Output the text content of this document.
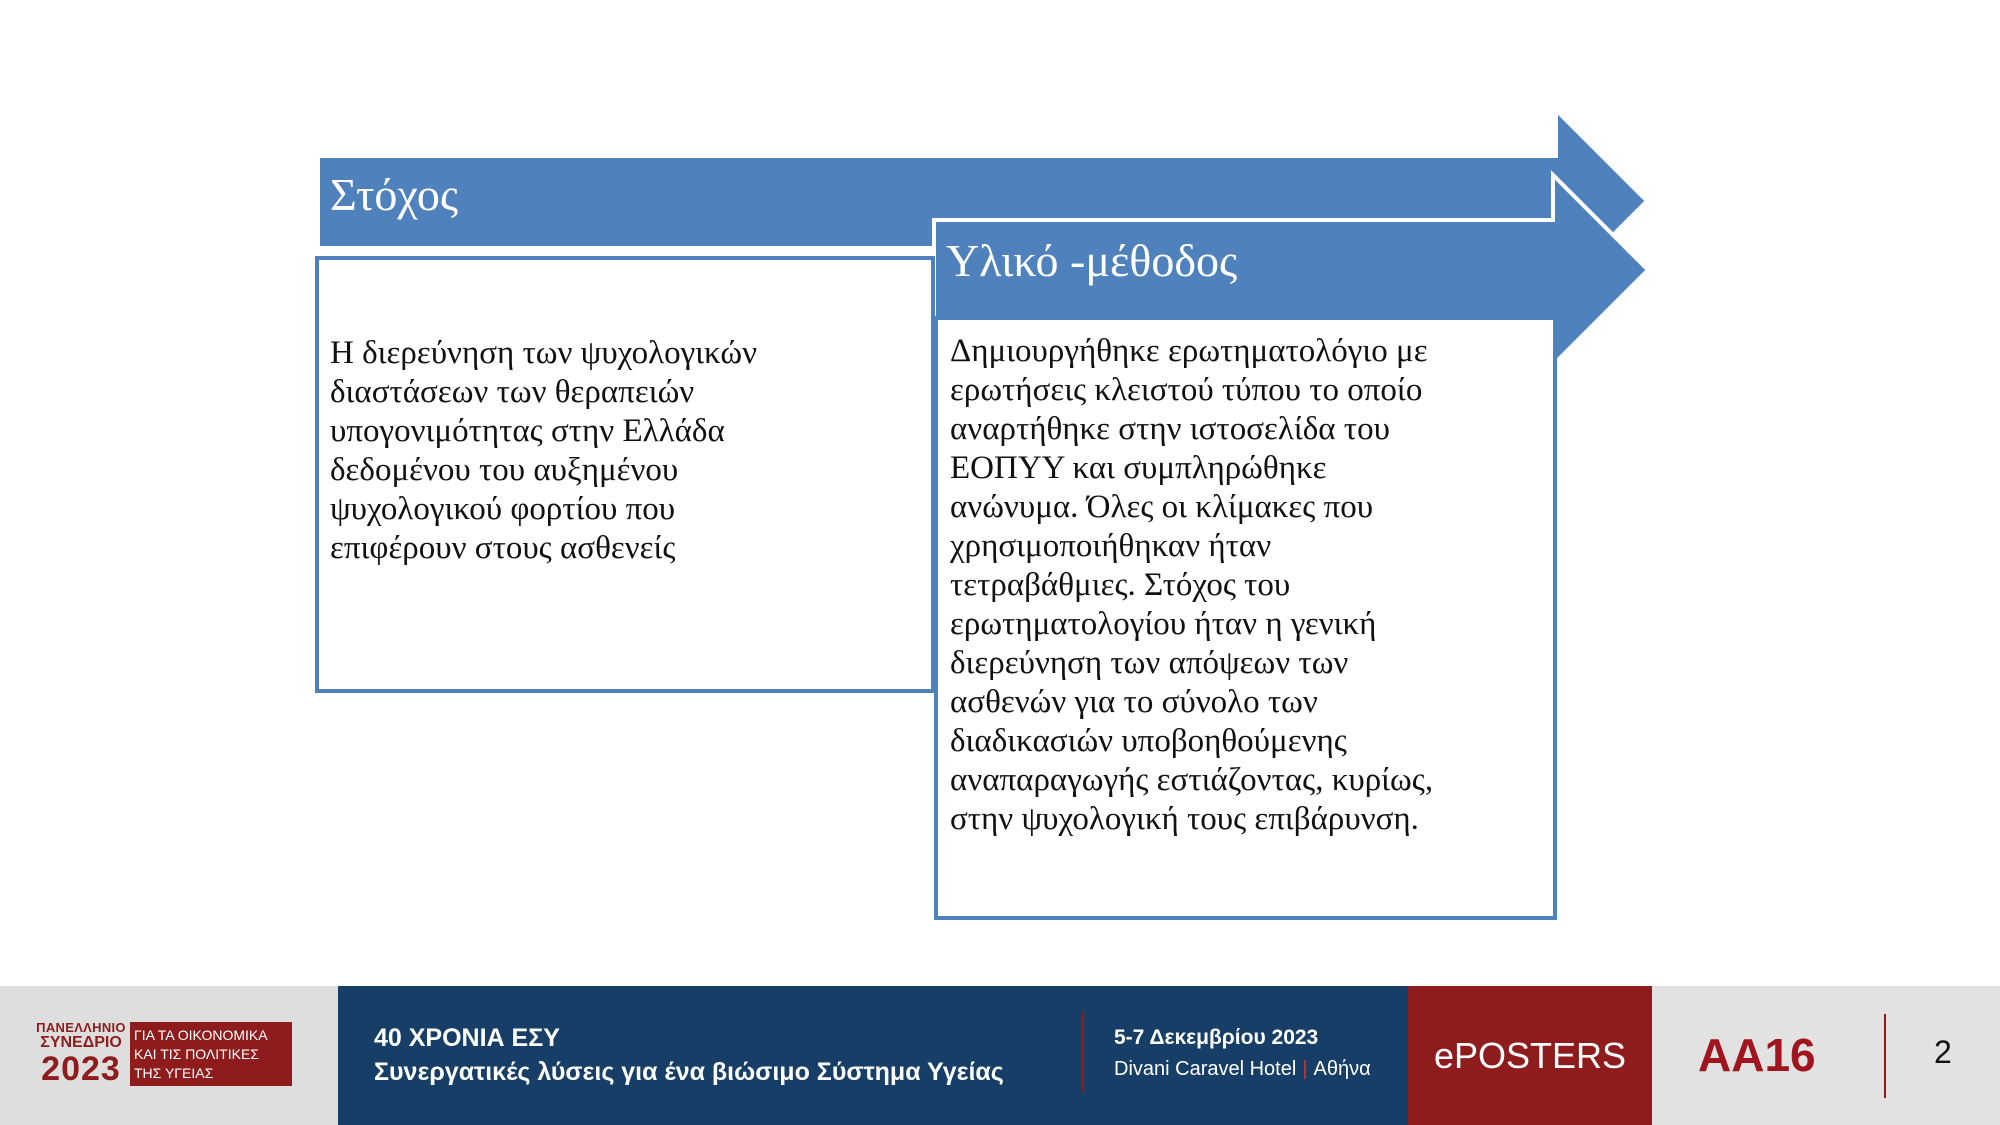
Στόχος
Η διερεύνηση των ψυχολογικών
διαστάσεων των θεραπειών
υπογονιμότητας στην Ελλάδα
δεδομένου του αυξημένου
ψυχολογικού φορτίου που
επιφέρουν στους ασθενείς
Υλικό -μέθοδος
Δημιουργήθηκε ερωτηματολόγιο με
ερωτήσεις κλειστού τύπου το οποίο
αναρτήθηκε στην ιστοσελίδα του
ΕΟΠΥΥ και συμπληρώθηκε
ανώνυμα. Όλες οι κλίμακες που
χρησιμοποιήθηκαν ήταν
τετραβάθμιες. Στόχος του
ερωτηματολογίου ήταν η γενική
διερεύνηση των απόψεων των
ασθενών για το σύνολο των
διαδικασιών υποβοηθούμενης
αναπαραγωγής εστιάζοντας, κυρίως,
στην ψυχολογική τους επιβάρυνση.
ΠΑΝΕΛΛΗΝΙΟ
ΣΥΝΕΔΡΙΟ
2023
ΓΙΑ ΤΑ ΟΙΚΟΝΟΜΙΚΑ
ΚΑΙ ΤΙΣ ΠΟΛΙΤΙΚΕΣ
ΤΗΣ ΥΓΕΙΑΣ
40 ΧΡΟΝΙΑ ΕΣΥ
Συνεργατικές λύσεις για ένα βιώσιμο Σύστημα Υγείας
5-7 Δεκεμβρίου 2023
Divani Caravel Hotel | Αθήνα	ePOSTERS	AA16	2
